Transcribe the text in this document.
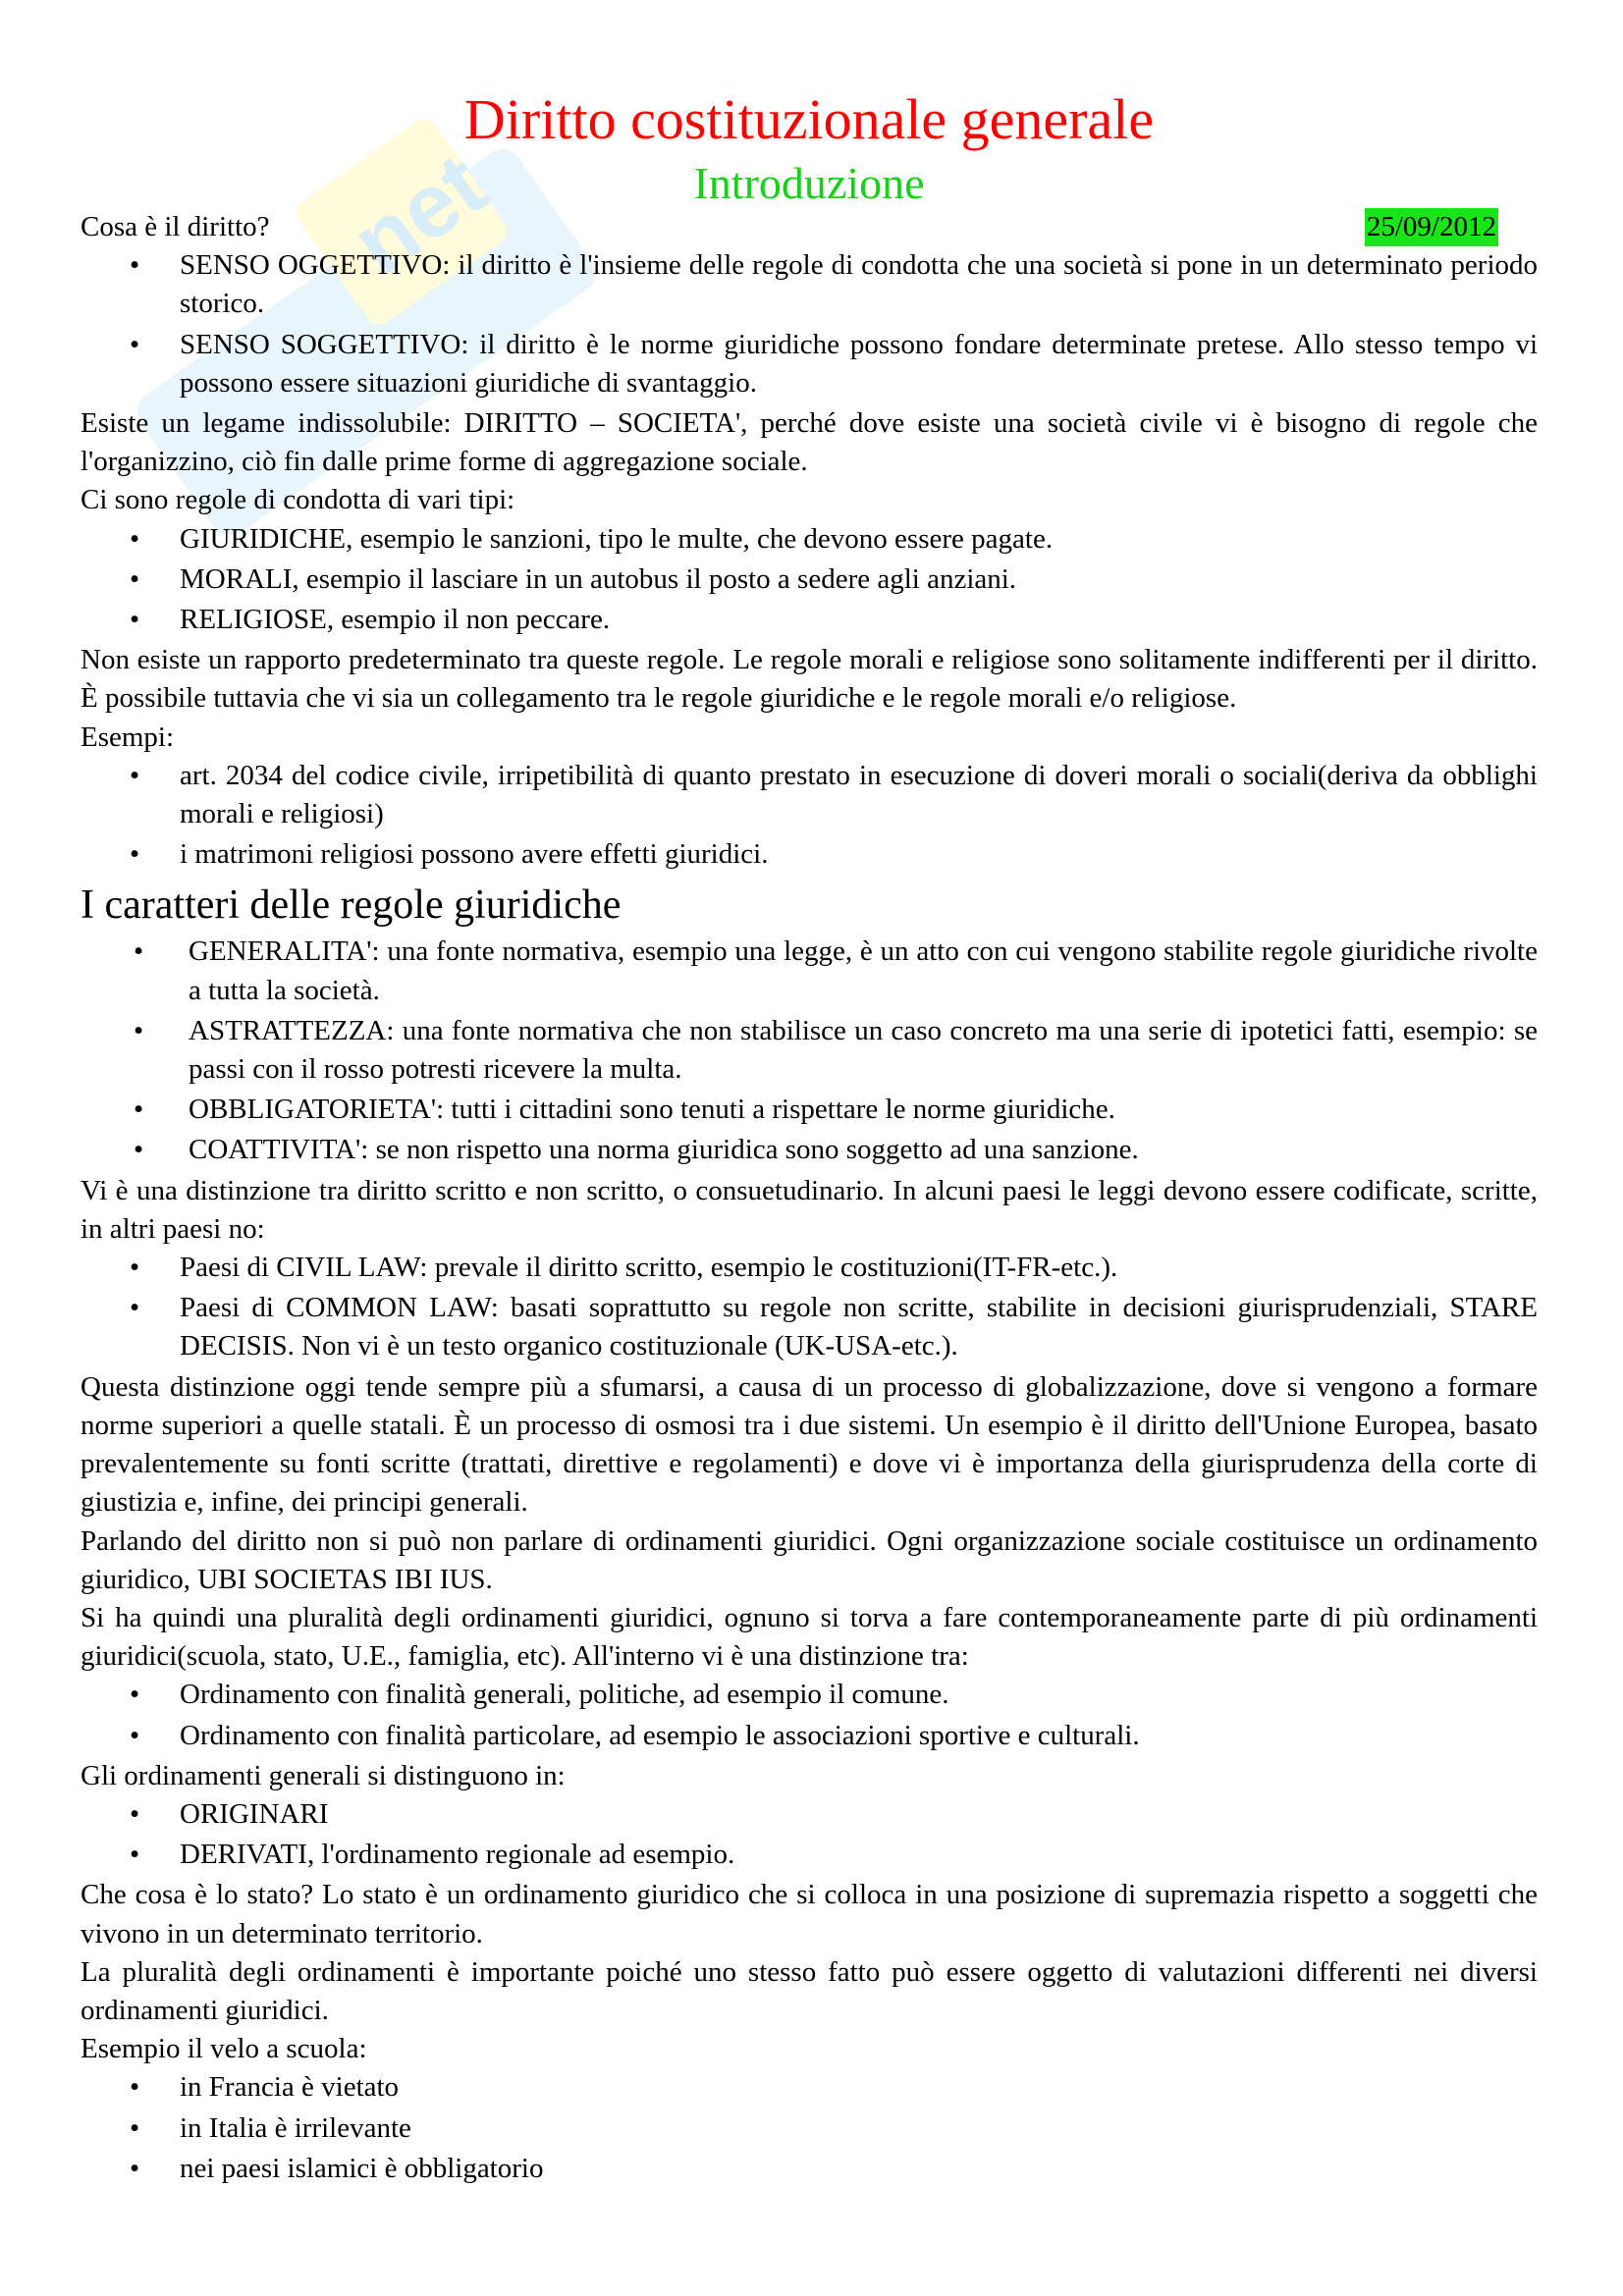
net
Diritto costituzionale generale
Introduzione
Cosa è il diritto?	25/09/2012
• SENSO OGGETTIVO: il diritto è l'insieme delle regole di condotta che una società si pone in un determinato periodo storico.
• SENSO SOGGETTIVO: il diritto è le norme giuridiche possono fondare determinate pretese. Allo stesso tempo vi possono essere situazioni giuridiche di svantaggio.

Esiste un legame indissolubile: DIRITTO – SOCIETA', perché dove esiste una società civile vi è bisogno di regole che l'organizzino, ciò fin dalle prime forme di aggregazione sociale.

Ci sono regole di condotta di vari tipi:

• GIURIDICHE, esempio le sanzioni, tipo le multe, che devono essere pagate.
• MORALI, esempio il lasciare in un autobus il posto a sedere agli anziani.
• RELIGIOSE, esempio il non peccare.

Non esiste un rapporto predeterminato tra queste regole. Le regole morali e religiose sono solitamente indifferenti per il diritto. È possibile tuttavia che vi sia un collegamento tra le regole giuridiche e le regole morali e/o religiose.

Esempi:

• art. 2034 del codice civile, irripetibilità di quanto prestato in esecuzione di doveri morali o sociali(deriva da obblighi morali e religiosi)
• i matrimoni religiosi possono avere effetti giuridici.
I caratteri delle regole giuridiche
• GENERALITA': una fonte normativa, esempio una legge, è un atto con cui vengono stabilite regole giuridiche rivolte a tutta la società.
• ASTRATTEZZA: una fonte normativa che non stabilisce un caso concreto ma una serie di ipotetici fatti, esempio: se passi con il rosso potresti ricevere la multa.
• OBBLIGATORIETA': tutti i cittadini sono tenuti a rispettare le norme giuridiche.
• COATTIVITA': se non rispetto una norma giuridica sono soggetto ad una sanzione.

Vi è una distinzione tra diritto scritto e non scritto, o consuetudinario. In alcuni paesi le leggi devono essere codificate, scritte, in altri paesi no:

• Paesi di CIVIL LAW: prevale il diritto scritto, esempio le costituzioni(IT-FR-etc.).
• Paesi di COMMON LAW: basati soprattutto su regole non scritte, stabilite in decisioni giurisprudenziali, STARE DECISIS. Non vi è un testo organico costituzionale (UK-USA-etc.).

Questa distinzione oggi tende sempre più a sfumarsi, a causa di un processo di globalizzazione, dove si vengono a formare norme superiori a quelle statali. È un processo di osmosi tra i due sistemi. Un esempio è il diritto dell'Unione Europea, basato prevalentemente su fonti scritte (trattati, direttive e regolamenti) e dove vi è importanza della giurisprudenza della corte di giustizia e, infine, dei principi generali.

Parlando del diritto non si può non parlare di ordinamenti giuridici. Ogni organizzazione sociale costituisce un ordinamento giuridico, UBI SOCIETAS IBI IUS.

Si ha quindi una pluralità degli ordinamenti giuridici, ognuno si torva a fare contemporaneamente parte di più ordinamenti giuridici(scuola, stato, U.E., famiglia, etc). All'interno vi è una distinzione tra:

• Ordinamento con finalità generali, politiche, ad esempio il comune.
• Ordinamento con finalità particolare, ad esempio le associazioni sportive e culturali.

Gli ordinamenti generali si distinguono in:

• ORIGINARI
• DERIVATI, l'ordinamento regionale ad esempio.

Che cosa è lo stato? Lo stato è un ordinamento giuridico che si colloca in una posizione di supremazia rispetto a soggetti che vivono in un determinato territorio.

La pluralità degli ordinamenti è importante poiché uno stesso fatto può essere oggetto di valutazioni differenti nei diversi ordinamenti giuridici.

Esempio il velo a scuola:

• in Francia è vietato
• in Italia è irrilevante
• nei paesi islamici è obbligatorio
